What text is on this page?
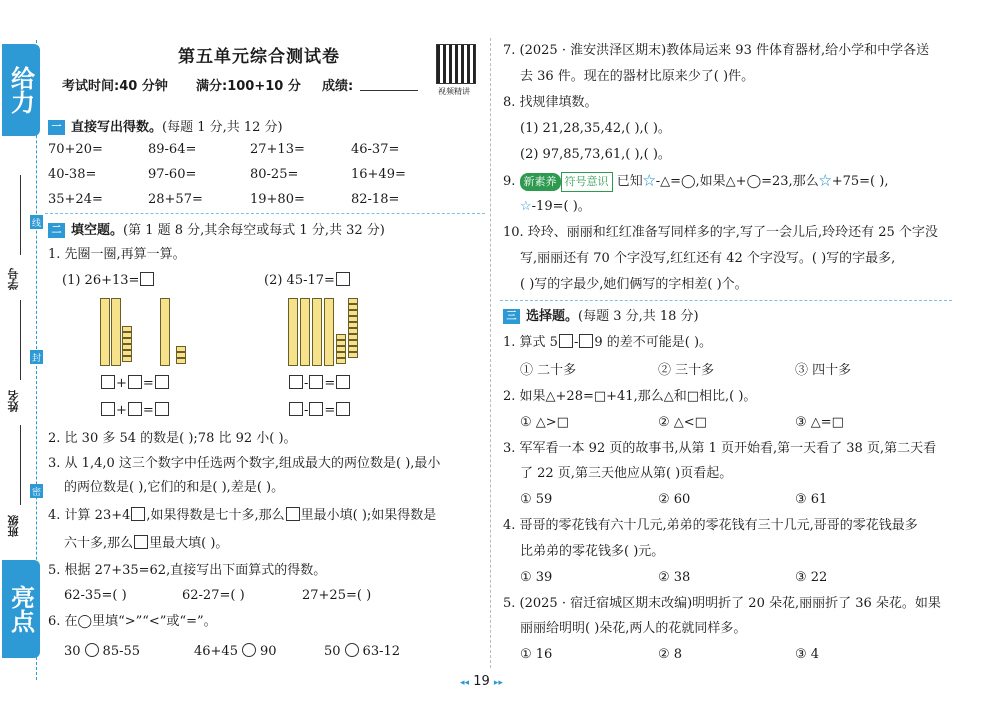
给力
亮点
学号
姓名
班级
线
封
密
第五单元综合测试卷
考试时间:40 分钟 满分:100+10 分 成绩:	视频精讲
一 直接写出得数。(每题 1 分,共 12 分)
70+20=	89-64=	27+13=	46-37=
40-38=	97-60=	80-25=	16+49=
35+24=	28+57=	19+80=	82-18=
二 填空题。(第 1 题 8 分,其余每空或每式 1 分,共 32 分)
1. 先圈一圈,再算一算。
(1) 26+13=	(2) 45-17=
+ =
+ =
- =
- =
2. 比 30 多 54 的数是( );78 比 92 小( )。
3. 从 1,4,0 这三个数字中任选两个数字,组成最大的两位数是( ),最小
的两位数是( ),它们的和是( ),差是( )。
4. 计算 23+4 ,如果得数是七十多,那么 里最小填( );如果得数是
六十多,那么 里最大填( )。
5. 根据 27+35=62,直接写出下面算式的得数。
62-35=( )	62-27=( )	27+25=( )
6. 在◯里填“>”“<”或“=”。
30 85-55	46+45 90	50 63-12
7. (2025 · 淮安洪泽区期末)教体局运来 93 件体育器材,给小学和中学各送
去 36 件。现在的器材比原来少了( )件。
8. 找规律填数。
(1) 21,28,35,42,( ),( )。
(2) 97,85,73,61,( ),( )。
9. 新素养 符号意识 已知☆-△=◯,如果△+◯=23,那么☆+75=( ),
☆-19=( )。
10. 玲玲、丽丽和红红准备写同样多的字,写了一会儿后,玲玲还有 25 个字没
写,丽丽还有 70 个字没写,红红还有 42 个字没写。( )写的字最多,
( )写的字最少,她们俩写的字相差( )个。
三 选择题。(每题 3 分,共 18 分)
1. 算式 5 - 9 的差不可能是( )。
① 二十多	② 三十多	③ 四十多
2. 如果△+28=□+41,那么△和□相比,( )。
① △>□	② △<□	③ △=□
3. 军军看一本 92 页的故事书,从第 1 页开始看,第一天看了 38 页,第二天看
了 22 页,第三天他应从第( )页看起。
① 59	② 60	③ 61
4. 哥哥的零花钱有六十几元,弟弟的零花钱有三十几元,哥哥的零花钱最多
比弟弟的零花钱多( )元。
① 39	② 38	③ 22
5. (2025 · 宿迁宿城区期末改编)明明折了 20 朵花,丽丽折了 36 朵花。如果
丽丽给明明( )朵花,两人的花就同样多。
① 16	② 8	③ 4
◂◂ 19 ▸▸
